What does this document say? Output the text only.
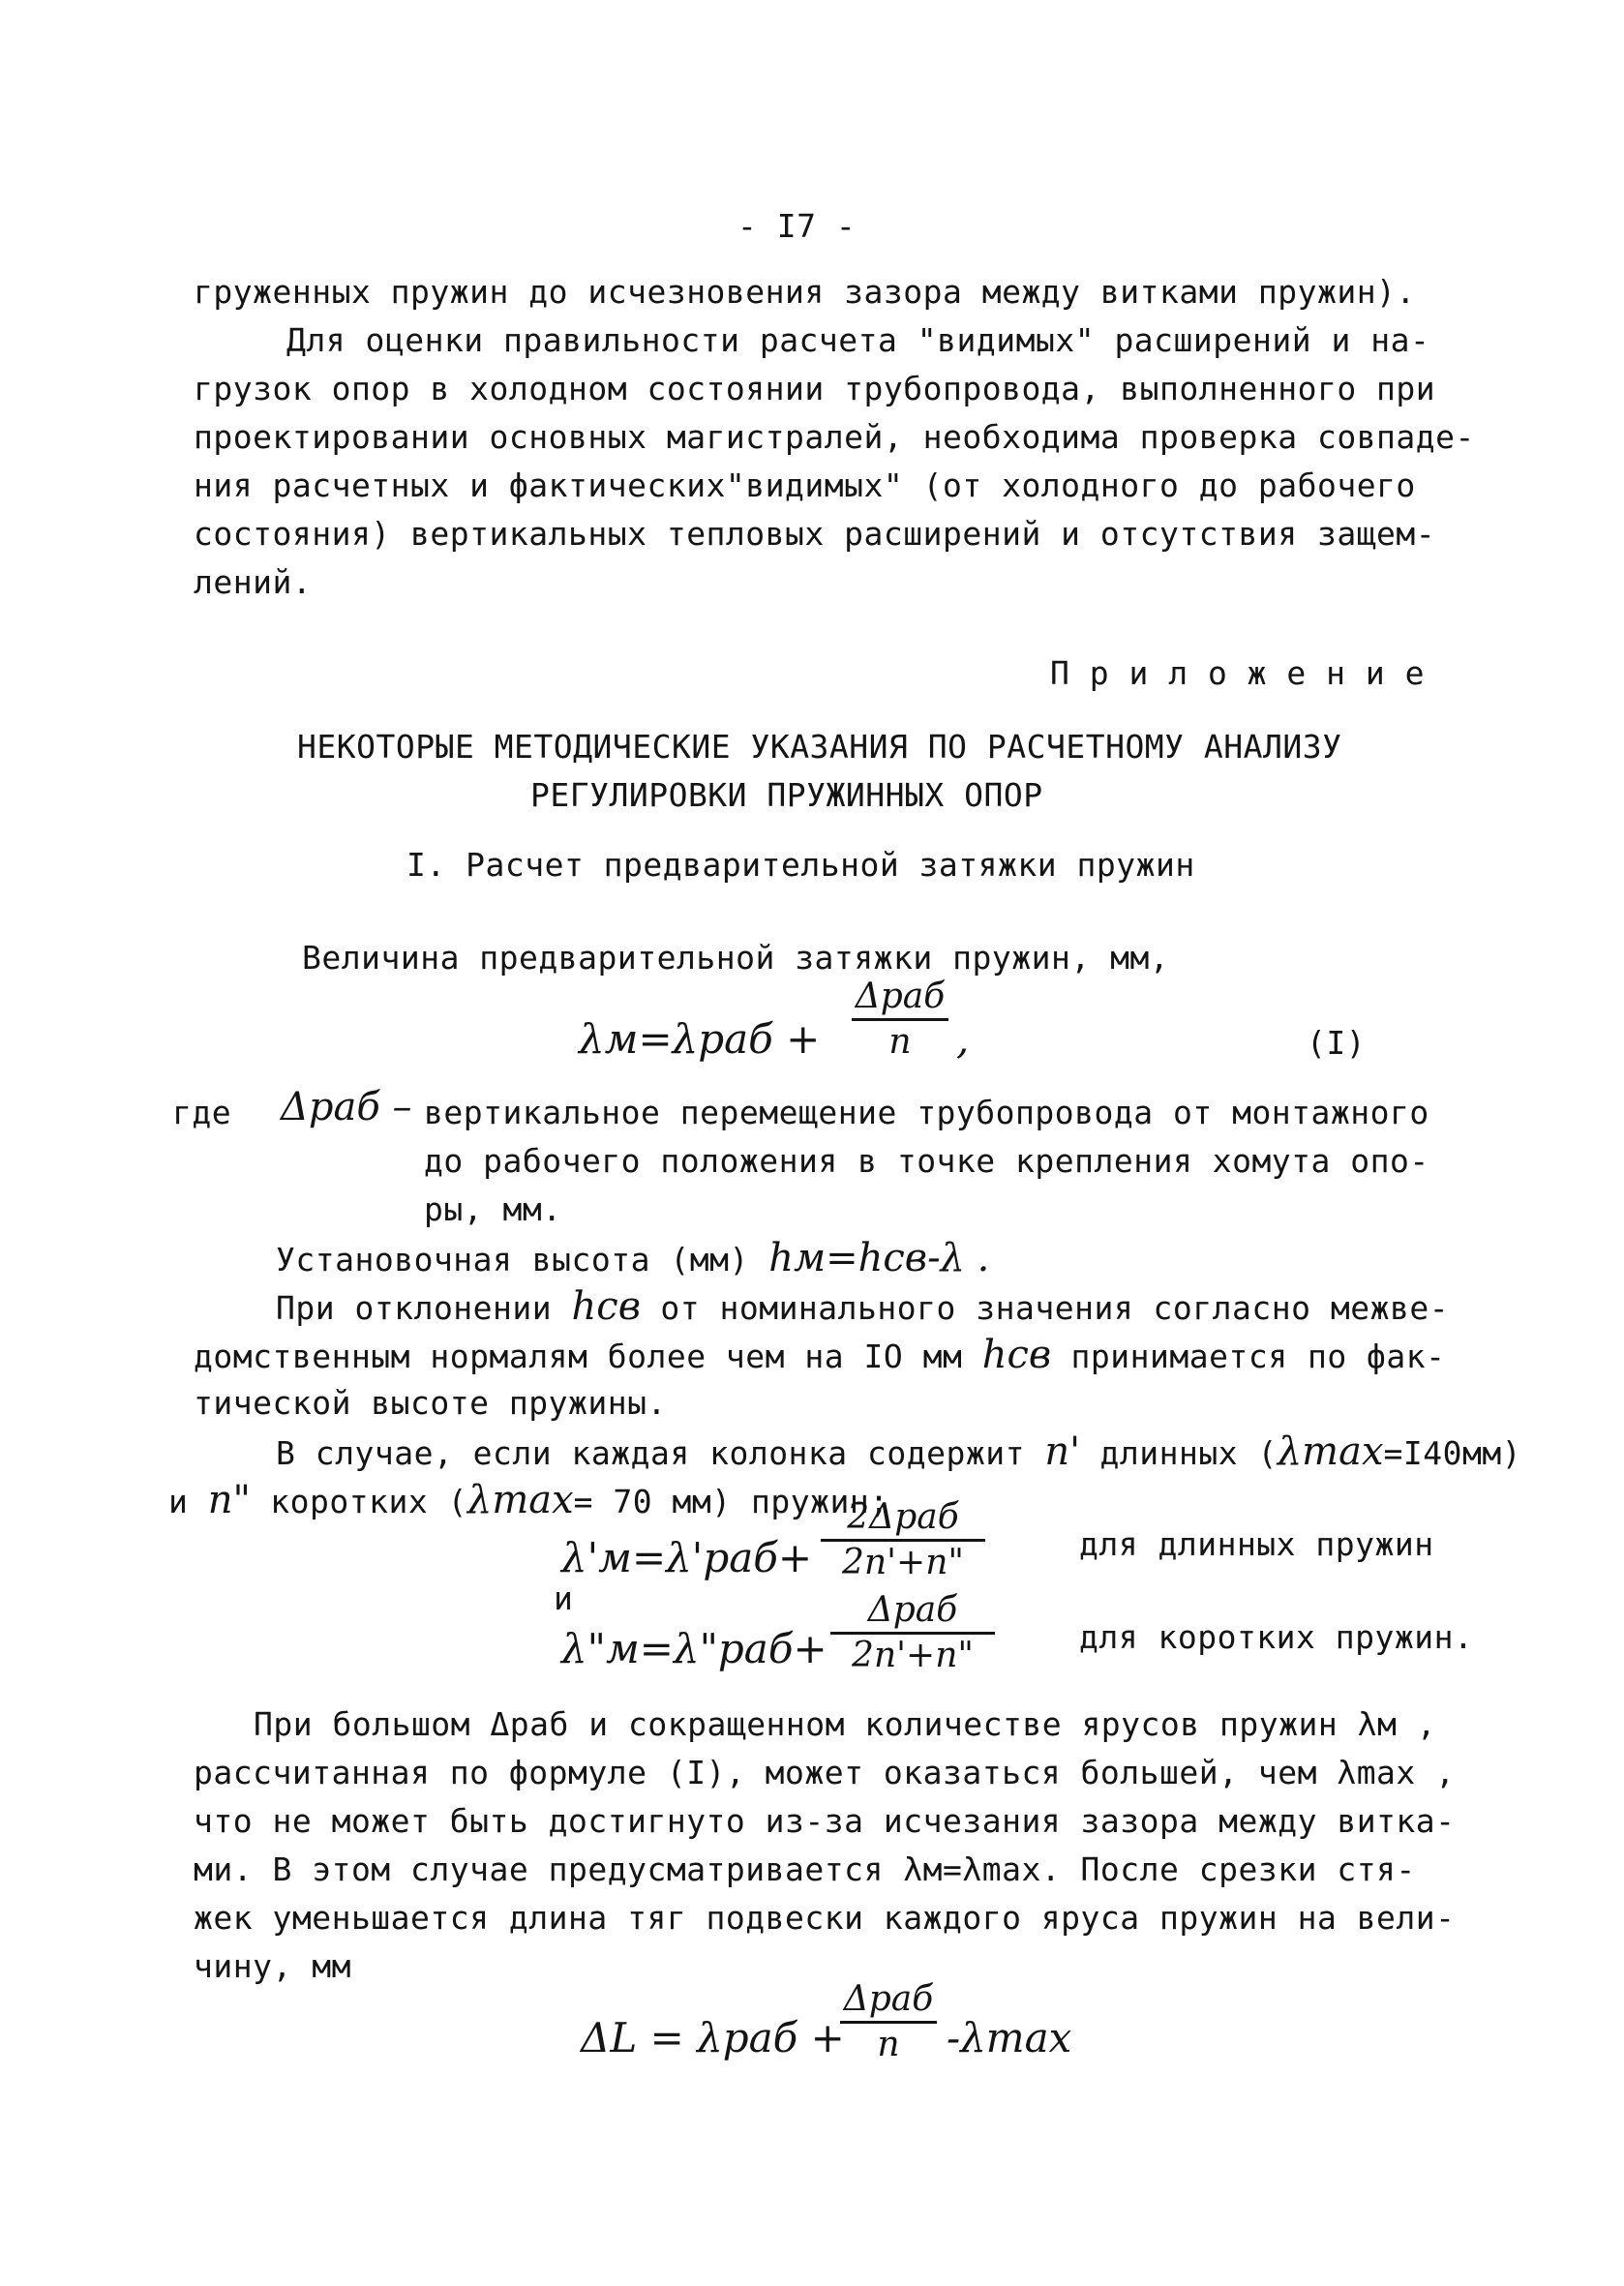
- I7 -
груженных пружин до исчезновения зазора между витками пружин).
Для оценки правильности расчета "видимых" расширений и на-
грузок опор в холодном состоянии трубопровода, выполненного при
проектировании основных магистралей, необходима проверка совпаде-
ния расчетных и фактических"видимых" (от холодного до рабочего
состояния) вертикальных тепловых расширений и отсутствия защем-
лений.
П р и л о ж е н и е
НЕКОТОРЫЕ МЕТОДИЧЕСКИЕ УКАЗАНИЯ ПО РАСЧЕТНОМУ АНАЛИЗУ
РЕГУЛИРОВКИ ПРУЖИННЫХ ОПОР
I. Расчет предварительной затяжки пружин
Величина предварительной затяжки пружин, мм,
λм=λраб +
Δраб
n	,	(I)
где Δраб – вертикальное перемещение трубопровода от монтажного
до рабочего положения в точке крепления хомута опо-
ры, мм.
Установочная высота (мм) hм=hсв-λ .
При отклонении hсв от номинального значения согласно межве-
домственным нормалям более чем на IO мм hсв принимается по фак-
тической высоте пружины.
В случае, если каждая колонка содержит n' длинных (λmax=I40мм)
и n" коротких (λmax= 70 мм) пружин;
λ'м=λ'раб+
2Δраб
2n'+n"	для длинных пружин
и
λ"м=λ"раб+
Δраб
2n'+n"	для коротких пружин.
При большом Δраб и сокращенном количестве ярусов пружин λм ,
рассчитанная по формуле (I), может оказаться большей, чем λmax ,
что не может быть достигнуто из-за исчезания зазора между витка-
ми. В этом случае предусматривается λм=λmax. После срезки стя-
жек уменьшается длина тяг подвески каждого яруса пружин на вели-
чину, мм
ΔL = λраб +
Δраб
n	-λmax
